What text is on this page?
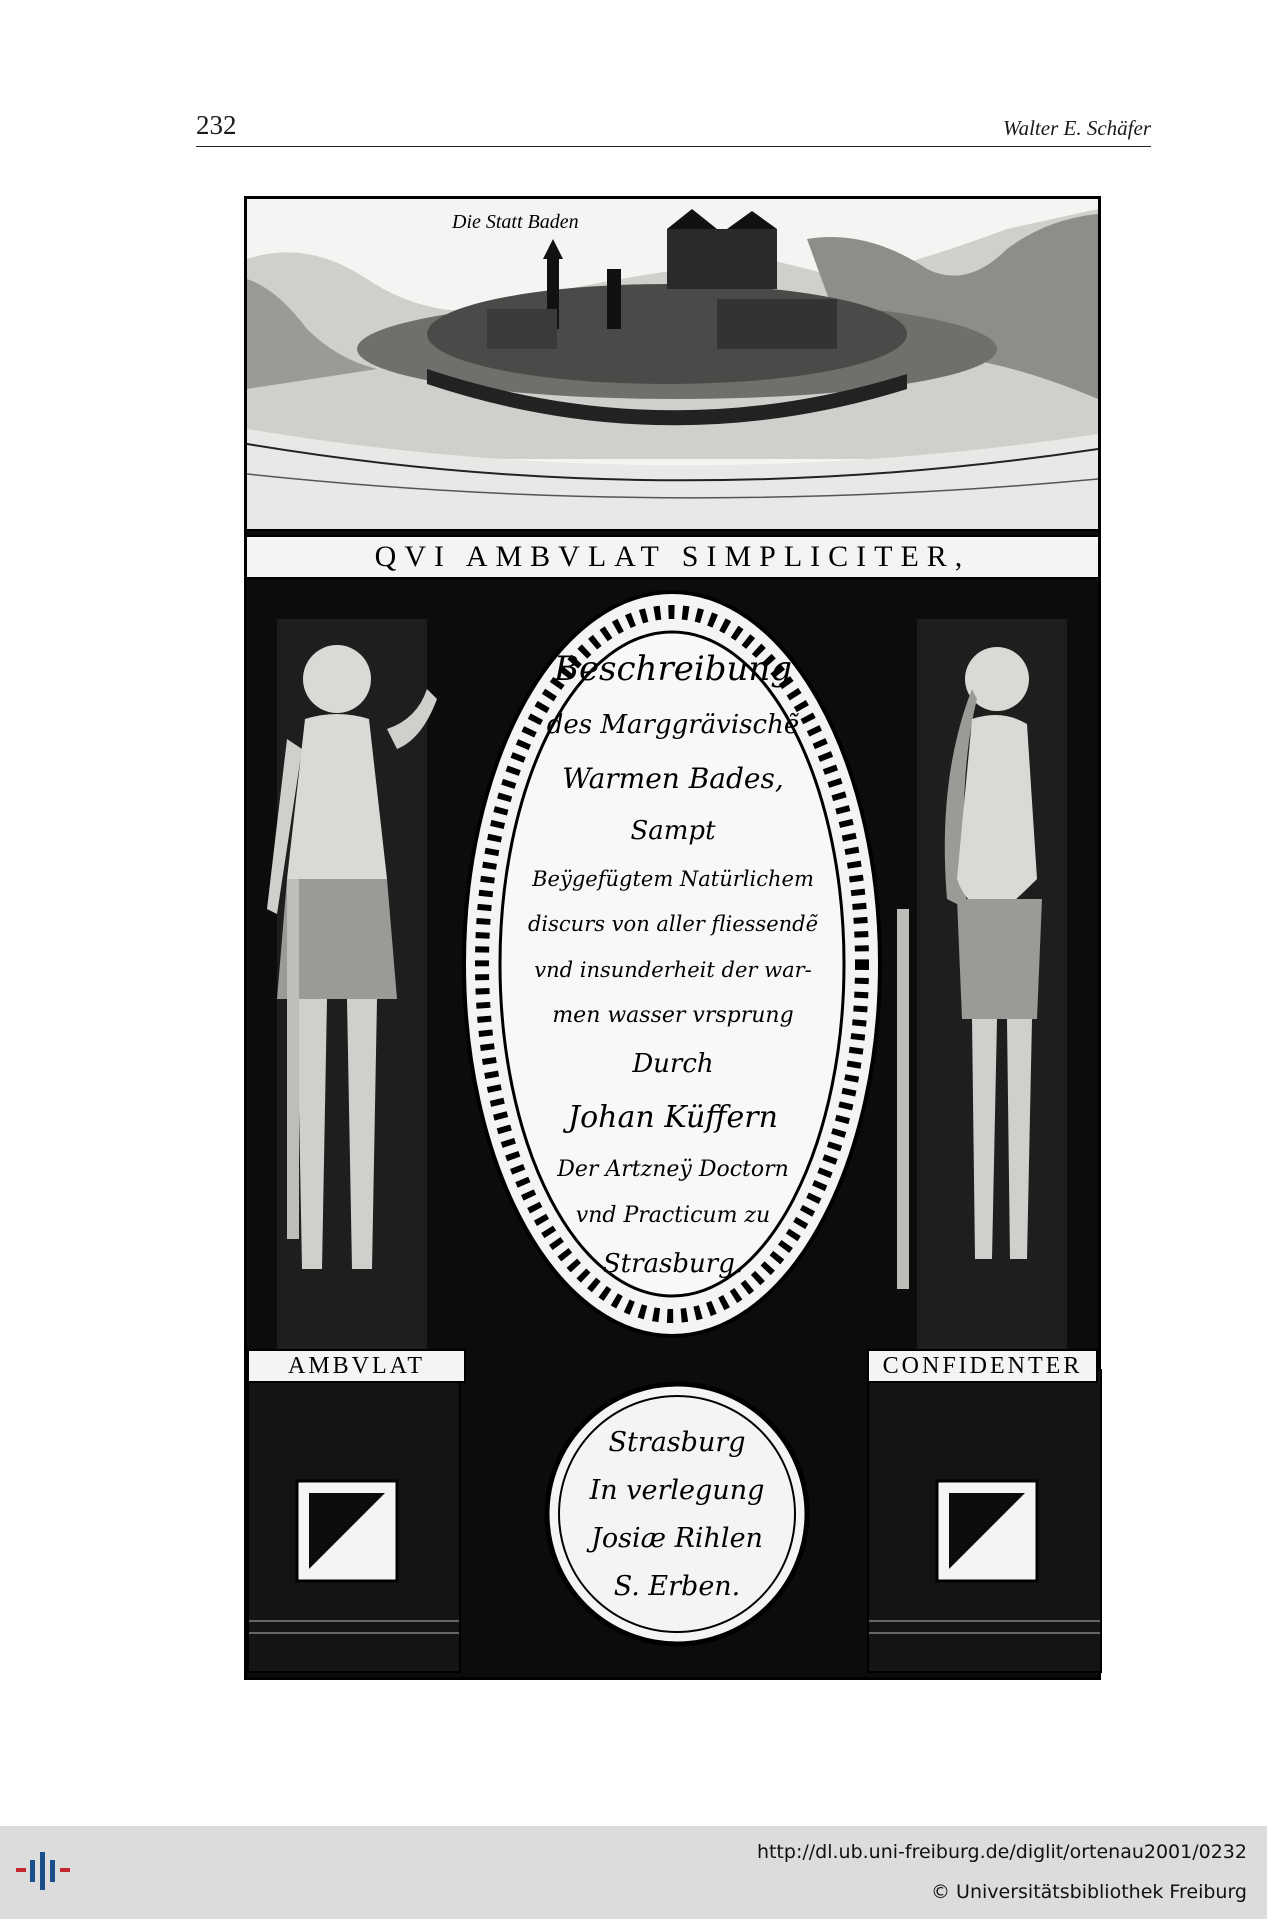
232	Walter E. Schäfer
Die Statt Baden
QVI AMBVLAT SIMPLICITER,
Beschreibung
des Marggrävischẽ
Warmen Bades,
Sampt
Beÿgefügtem Natürlichem
discurs von aller fliessendẽ
vnd insunderheit der war-
men wasser vrsprung
Durch
Johan Küffern
Der Artzneÿ Doctorn
vnd Practicum zu
Strasburg.
AMBVLAT	CONFIDENTER
Strasburg
In verlegung
Josiæ Rihlen
S. Erben.
http://dl.ub.uni-freiburg.de/diglit/ortenau2001/0232
© Universitätsbibliothek Freiburg
